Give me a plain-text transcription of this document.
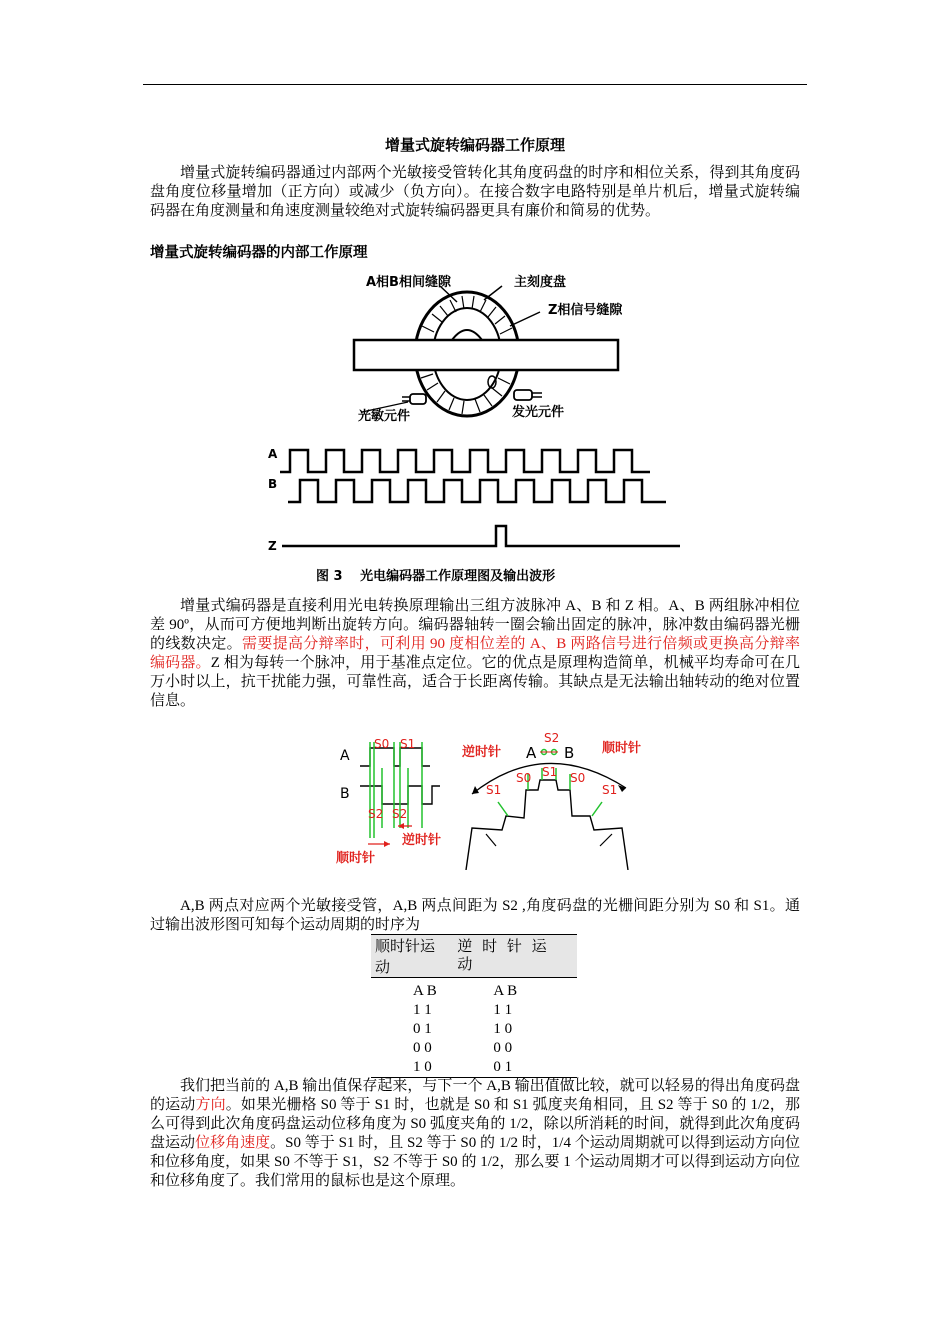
增量式旋转编码器工作原理
增量式旋转编码器通过内部两个光敏接受管转化其角度码盘的时序和相位关系，得到其角度码盘角度位移量增加（正方向）或减少（负方向）。在接合数字电路特别是单片机后，增量式旋转编码器在角度测量和角速度测量较绝对式旋转编码器更具有廉价和简易的优势。
增量式旋转编码器的内部工作原理
A相B相间缝隙	主刻度盘
Z相信号缝隙
光敏元件	发光元件
A
B
Z
图 3　 光电编码器工作原理图及输出波形
增量式编码器是直接利用光电转换原理输出三组方波脉冲 A、B 和 Z 相。A、B 两组脉冲相位差 90º，从而可方便地判断出旋转方向。编码器轴转一圈会输出固定的脉冲，脉冲数由编码器光栅的线数决定。需要提高分辩率时，可利用 90 度相位差的 A、B 两路信号进行倍频或更换高分辩率编码器。Z 相为每转一个脉冲，用于基准点定位。它的优点是原理构造简单，机械平均寿命可在几万小时以上，抗干扰能力强，可靠性高，适合于长距离传输。其缺点是无法输出轴转动的绝对位置信息。
A
B
S0 S1
S2 S2
逆时针
顺时针
逆时针	顺时针
S2
A B
S1
S0 S1 S0
S1
A,B 两点对应两个光敏接受管，A,B 两点间距为 S2 ,角度码盘的光栅间距分别为 S0 和 S1。通过输出波形图可知每个运动周期的时序为
顺时针运动	逆 时 针 运 动
A B	A B
1 1	1 1
0 1	1 0
0 0	0 0
1 0	0 1
我们把当前的 A,B 输出值保存起来，与下一个 A,B 输出值做比较，就可以轻易的得出角度码盘的运动方向。如果光栅格 S0 等于 S1 时，也就是 S0 和 S1 弧度夹角相同，且 S2 等于 S0 的 1/2，那么可得到此次角度码盘运动位移角度为 S0 弧度夹角的 1/2，除以所消耗的时间，就得到此次角度码盘运动位移角速度。S0 等于 S1 时，且 S2 等于 S0 的 1/2 时，1/4 个运动周期就可以得到运动方向位和位移角度，如果 S0 不等于 S1，S2 不等于 S0 的 1/2，那么要 1 个运动周期才可以得到运动方向位和位移角度了。我们常用的鼠标也是这个原理。
